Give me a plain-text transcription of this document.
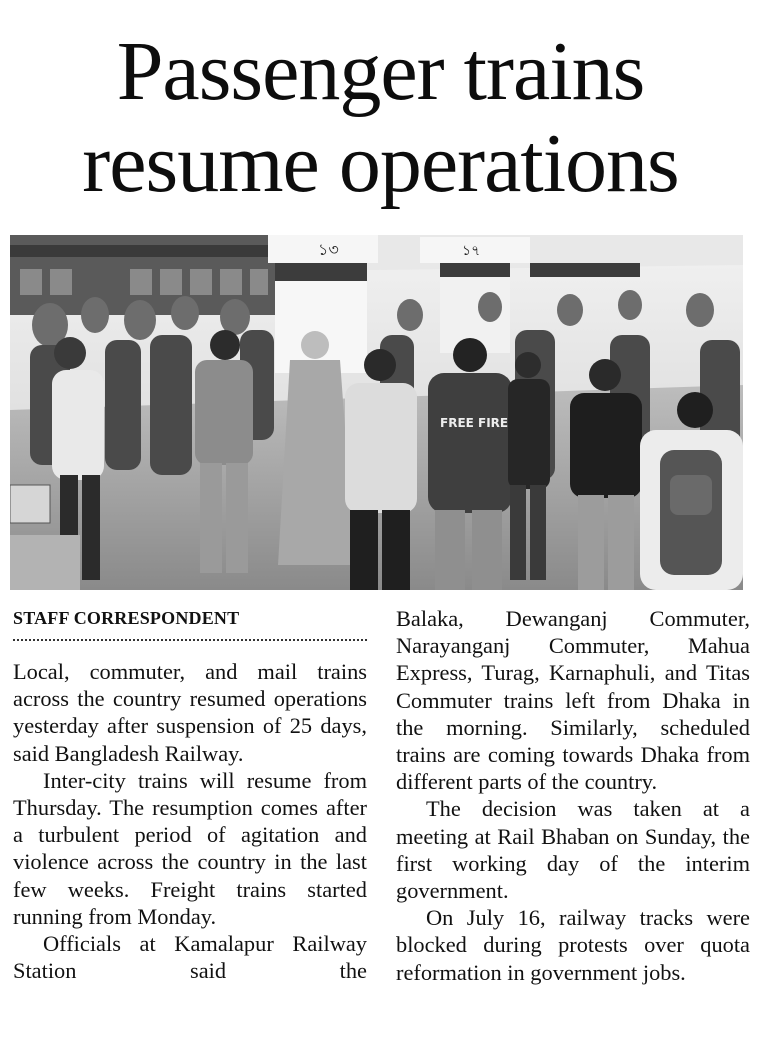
Passenger trains
resume operations
১৩	১৭
FREE FIRE
STAFF CORRESPONDENT

Local, commuter, and mail trains across the country resumed operations yesterday after suspension of 25 days, said Bangladesh Railway.

Inter-city trains will resume from Thursday. The resumption comes after a turbulent period of agitation and violence across the country in the last few weeks. Freight trains started running from Monday.

Officials at Kamalapur Railway Station said the

Balaka, Dewanganj Commuter, Narayanganj Commuter, Mahua Express, Turag, Karnaphuli, and Titas Commuter trains left from Dhaka in the morning. Similarly, scheduled trains are coming towards Dhaka from different parts of the country.

The decision was taken at a meeting at Rail Bhaban on Sunday, the first working day of the interim government.

On July 16, railway tracks were blocked during protests over quota reformation in government jobs.
